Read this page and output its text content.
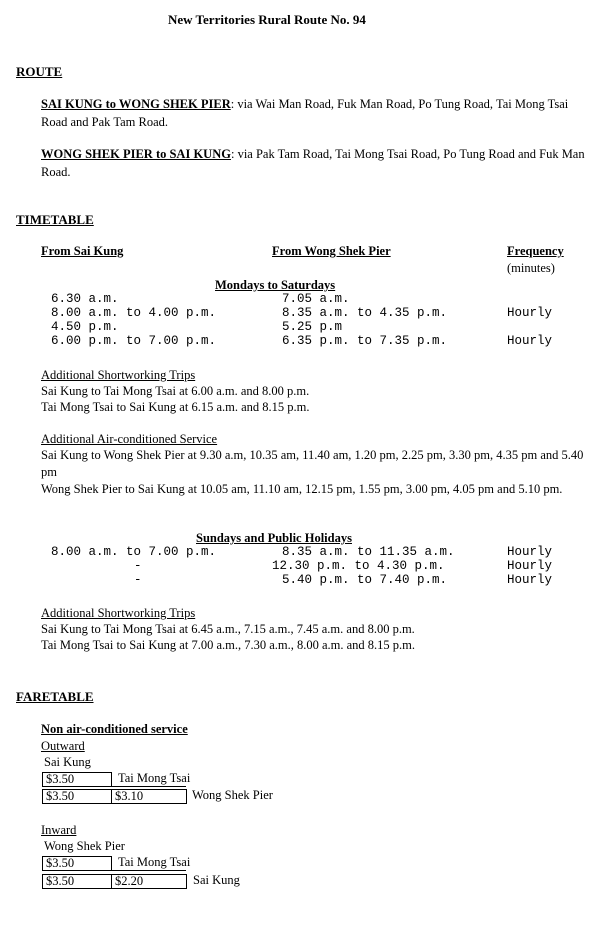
New Territories Rural Route No. 94
ROUTE
SAI KUNG to WONG SHEK PIER: via Wai Man Road, Fuk Man Road, Po Tung Road, Tai Mong Tsai Road and Pak Tam Road.
WONG SHEK PIER to SAI KUNG: via Pak Tam Road, Tai Mong Tsai Road, Po Tung Road and Fuk Man Road.
TIMETABLE
From Sai Kung	From Wong Shek Pier	Frequency
(minutes)
Mondays to Saturdays
6.30 a.m.	7.05 a.m.
8.00 a.m. to 4.00 p.m.	8.35 a.m. to 4.35 p.m.	Hourly
4.50 p.m.	5.25 p.m
6.00 p.m. to 7.00 p.m.	6.35 p.m. to 7.35 p.m.	Hourly
Additional Shortworking Trips
Sai Kung to Tai Mong Tsai at 6.00 a.m. and 8.00 p.m.
Tai Mong Tsai to Sai Kung at 6.15 a.m. and 8.15 p.m.
Additional Air-conditioned Service
Sai Kung to Wong Shek Pier at 9.30 a.m, 10.35 am, 11.40 am, 1.20 pm, 2.25 pm, 3.30 pm, 4.35 pm and 5.40 pm
Wong Shek Pier to Sai Kung at 10.05 am, 11.10 am, 12.15 pm, 1.55 pm, 3.00 pm, 4.05 pm and 5.10 pm.
Sundays and Public Holidays
8.00 a.m. to 7.00 p.m.	8.35 a.m. to 11.35 a.m.	Hourly
-	12.30 p.m. to 4.30 p.m.	Hourly
-	5.40 p.m. to 7.40 p.m.	Hourly
Additional Shortworking Trips
Sai Kung to Tai Mong Tsai at 6.45 a.m., 7.15 a.m., 7.45 a.m. and 8.00 p.m.
Tai Mong Tsai to Sai Kung at 7.00 a.m., 7.30 a.m., 8.00 a.m. and 8.15 p.m.
FARETABLE
Non air-conditioned service
Outward
Sai Kung
$3.50	Tai Mong Tsai
$3.50	$3.10	Wong Shek Pier
Inward
Wong Shek Pier
$3.50	Tai Mong Tsai
$3.50	$2.20	Sai Kung
